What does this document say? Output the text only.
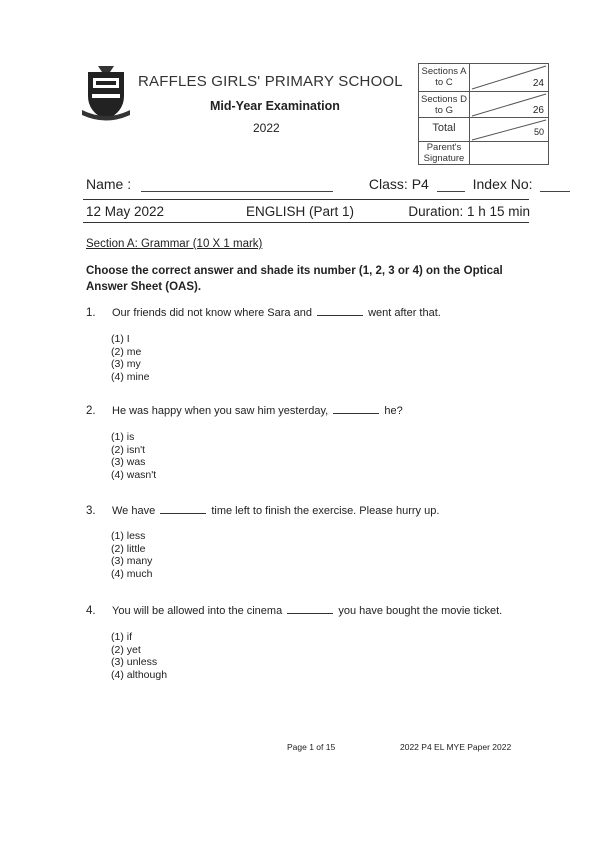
RAFFLES GIRLS' PRIMARY SCHOOL
Mid-Year Examination
2022
Sections A to C	24
Sections D to G	26
Total	50
Parent's Signature
Name :	Class: P4	Index No:
12 May 2022	ENGLISH (Part 1)	Duration: 1 h 15 min
Section A: Grammar (10 X 1 mark)
Choose the correct answer and shade its number (1, 2, 3 or 4) on the Optical Answer Sheet (OAS).
1. Our friends did not know where Sara and	went after that.
(1) I
(2) me
(3) my
(4) mine
2. He was happy when you saw him yesterday,	he?
(1) is
(2) isn't
(3) was
(4) wasn't
3. We have	time left to finish the exercise. Please hurry up.
(1) less
(2) little
(3) many
(4) much
4. You will be allowed into the cinema	you have bought the movie ticket.
(1) if
(2) yet
(3) unless
(4) although
Page 1 of 15	2022 P4 EL MYE Paper 2022
